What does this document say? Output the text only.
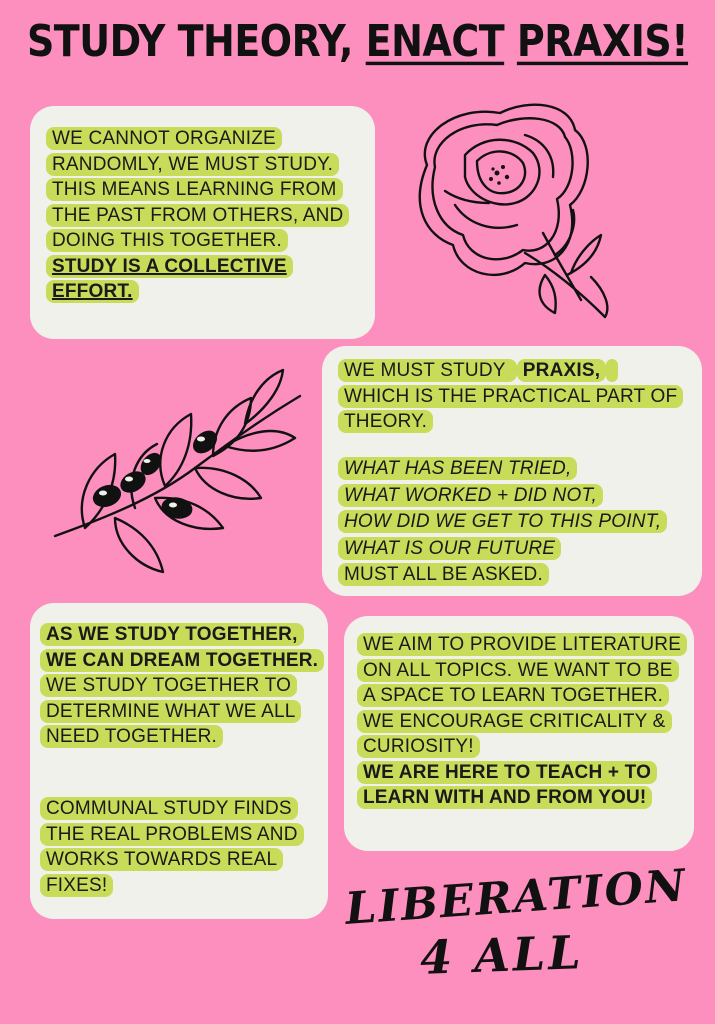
STUDY THEORY, ENACT PRAXIS!
WE CANNOT ORGANIZE RANDOMLY, WE MUST STUDY. THIS MEANS LEARNING FROM THE PAST FROM OTHERS, AND DOING THIS TOGETHER. STUDY IS A COLLECTIVE EFFORT.
WE MUST STUDY PRAXIS, WHICH IS THE PRACTICAL PART OF THEORY.
WHAT HAS BEEN TRIED,
WHAT WORKED + DID NOT,
HOW DID WE GET TO THIS POINT,
WHAT IS OUR FUTURE
MUST ALL BE ASKED.
AS WE STUDY TOGETHER, WE CAN DREAM TOGETHER. WE STUDY TOGETHER TO DETERMINE WHAT WE ALL NEED TOGETHER.
COMMUNAL STUDY FINDS THE REAL PROBLEMS AND WORKS TOWARDS REAL FIXES!
WE AIM TO PROVIDE LITERATURE ON ALL TOPICS. WE WANT TO BE A SPACE TO LEARN TOGETHER. WE ENCOURAGE CRITICALITY & CURIOSITY!
WE ARE HERE TO TEACH + TO LEARN WITH AND FROM YOU!
LIBERATION
4 ALL
